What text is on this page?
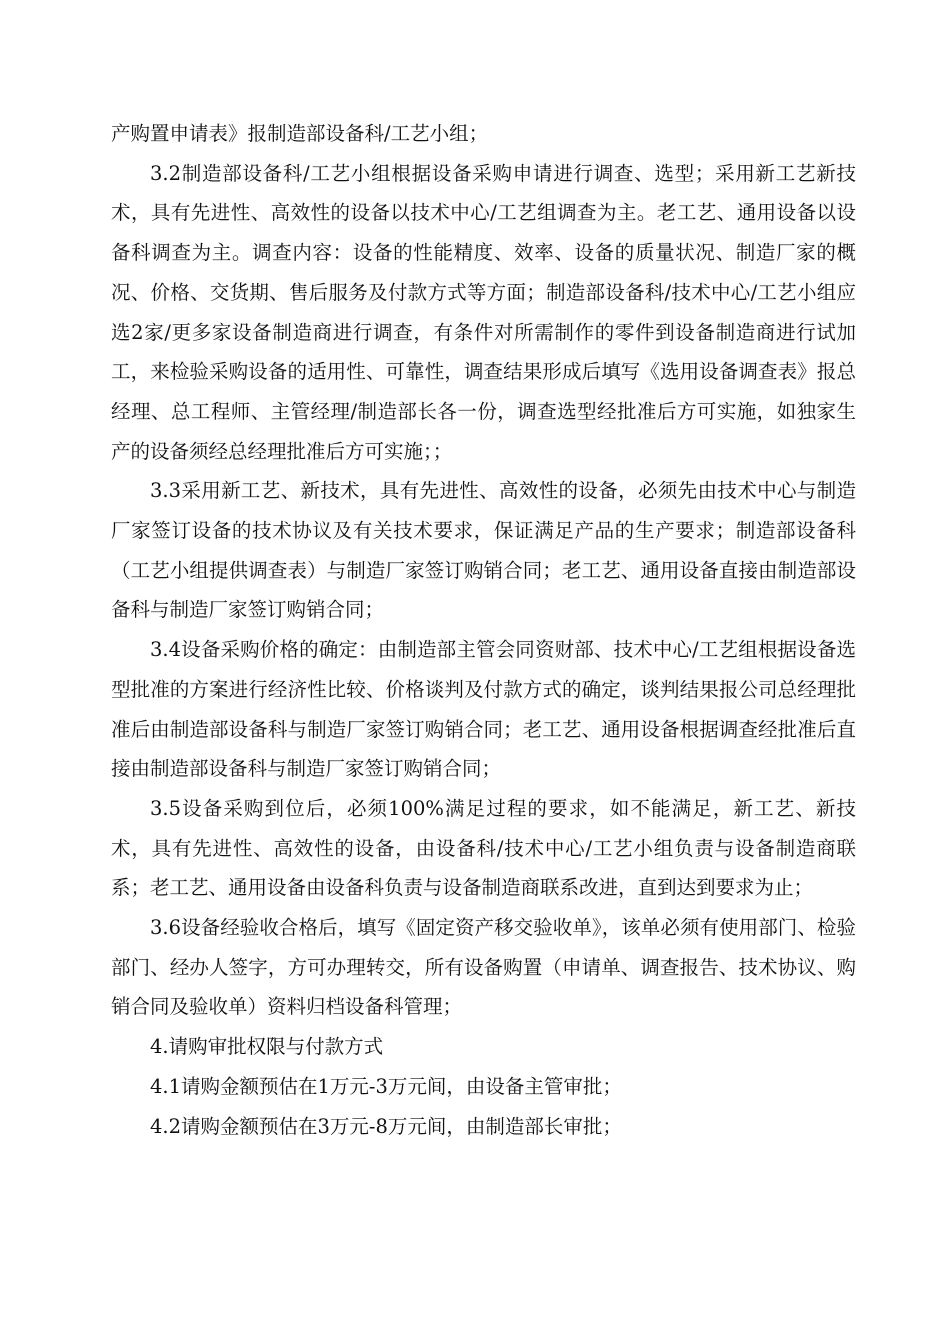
产购置申请表》报制造部设备科/工艺小组；

3.2制造部设备科/工艺小组根据设备采购申请进行调查、选型；采用新工艺新技术，具有先进性、高效性的设备以技术中心/工艺组调查为主。老工艺、通用设备以设备科调查为主。调查内容：设备的性能精度、效率、设备的质量状况、制造厂家的概况、价格、交货期、售后服务及付款方式等方面；制造部设备科/技术中心/工艺小组应选2家/更多家设备制造商进行调查，有条件对所需制作的零件到设备制造商进行试加工，来检验采购设备的适用性、可靠性，调查结果形成后填写《选用设备调查表》报总经理、总工程师、主管经理/制造部长各一份，调查选型经批准后方可实施，如独家生产的设备须经总经理批准后方可实施；；

3.3采用新工艺、新技术，具有先进性、高效性的设备，必须先由技术中心与制造厂家签订设备的技术协议及有关技术要求，保证满足产品的生产要求；制造部设备科（工艺小组提供调查表）与制造厂家签订购销合同；老工艺、通用设备直接由制造部设备科与制造厂家签订购销合同；

3.4设备采购价格的确定：由制造部主管会同资财部、技术中心/工艺组根据设备选型批准的方案进行经济性比较、价格谈判及付款方式的确定，谈判结果报公司总经理批准后由制造部设备科与制造厂家签订购销合同；老工艺、通用设备根据调查经批准后直接由制造部设备科与制造厂家签订购销合同；

3.5设备采购到位后，必须100%满足过程的要求，如不能满足，新工艺、新技术，具有先进性、高效性的设备，由设备科/技术中心/工艺小组负责与设备制造商联系；老工艺、通用设备由设备科负责与设备制造商联系改进，直到达到要求为止；

3.6设备经验收合格后，填写《固定资产移交验收单》，该单必须有使用部门、检验部门、经办人签字，方可办理转交，所有设备购置（申请单、调查报告、技术协议、购销合同及验收单）资料归档设备科管理；

4.请购审批权限与付款方式

4.1请购金额预估在1万元-3万元间，由设备主管审批；

4.2请购金额预估在3万元-8万元间，由制造部长审批；
